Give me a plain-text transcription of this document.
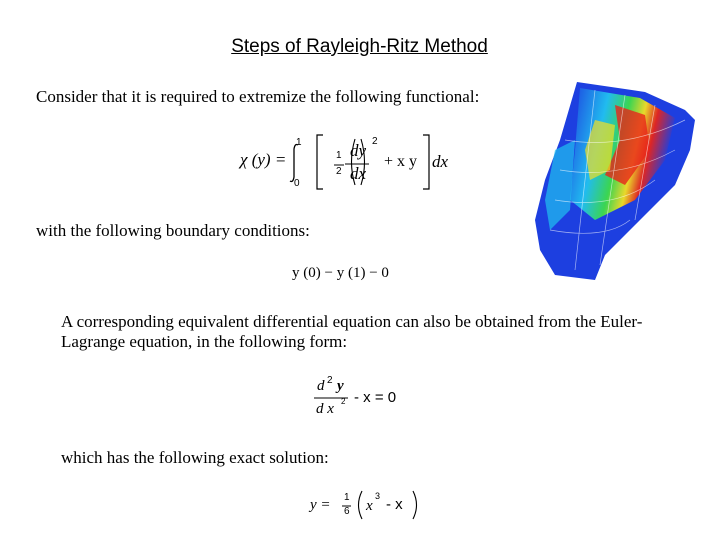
Steps of Rayleigh-Ritz Method
Consider that it is required to extremize the following functional:
χ (y) =
1
0
1
2
dy
dx
2
+ x y dx
with the following boundary conditions:
y (0) − y (1) − 0
A corresponding equivalent differential equation can also be obtained from the Euler-
Lagrange equation, in the following form:
d 2 y
d x 2 - x = 0
which has the following exact solution:
y = 1
6 x
3 - x
